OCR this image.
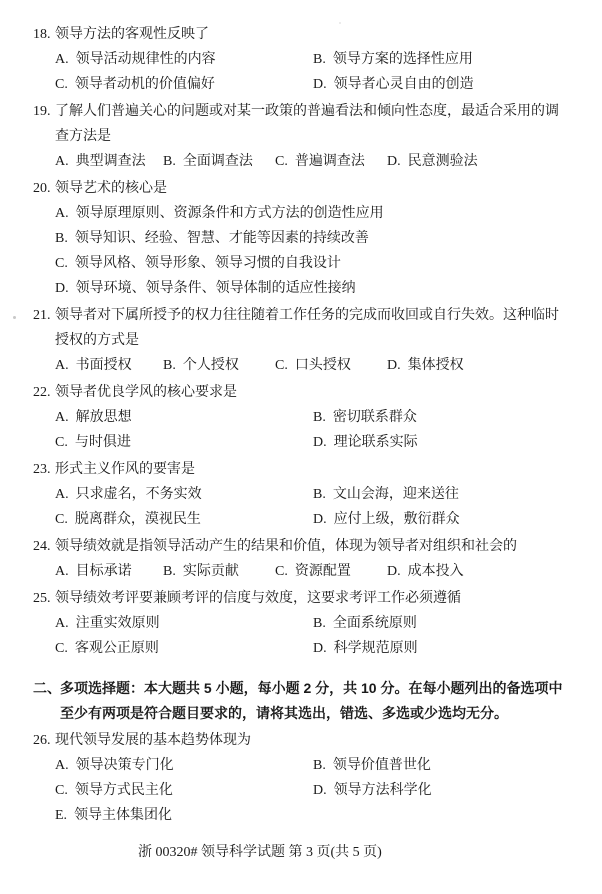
18. 领导方法的客观性反映了
A. 领导活动规律性的内容	B. 领导方案的选择性应用
C. 领导者动机的价值偏好	D. 领导者心灵自由的创造
19. 了解人们普遍关心的问题或对某一政策的普遍看法和倾向性态度，最适合采用的调
查方法是
A. 典型调查法	B. 全面调查法	C. 普遍调查法	D. 民意测验法
20. 领导艺术的核心是
A. 领导原理原则、资源条件和方式方法的创造性应用
B. 领导知识、经验、智慧、才能等因素的持续改善
C. 领导风格、领导形象、领导习惯的自我设计
D. 领导环境、领导条件、领导体制的适应性接纳
21. 领导者对下属所授予的权力往往随着工作任务的完成而收回或自行失效。这种临时
授权的方式是
A. 书面授权	B. 个人授权	C. 口头授权	D. 集体授权
22. 领导者优良学风的核心要求是
A. 解放思想	B. 密切联系群众
C. 与时俱进	D. 理论联系实际
23. 形式主义作风的要害是
A. 只求虚名，不务实效	B. 文山会海，迎来送往
C. 脱离群众，漠视民生	D. 应付上级，敷衍群众
24. 领导绩效就是指领导活动产生的结果和价值，体现为领导者对组织和社会的
A. 目标承诺	B. 实际贡献	C. 资源配置	D. 成本投入
25. 领导绩效考评要兼顾考评的信度与效度，这要求考评工作必须遵循
A. 注重实效原则	B. 全面系统原则
C. 客观公正原则	D. 科学规范原则
二、 多项选择题：本大题共 5 小题，每小题 2 分，共 10 分。在每小题列出的备选项中
至少有两项是符合题目要求的，请将其选出，错选、多选或少选均无分。
26. 现代领导发展的基本趋势体现为
A. 领导决策专门化	B. 领导价值普世化
C. 领导方式民主化	D. 领导方法科学化
E. 领导主体集团化
浙 00320# 领导科学试题 第 3 页(共 5 页)
